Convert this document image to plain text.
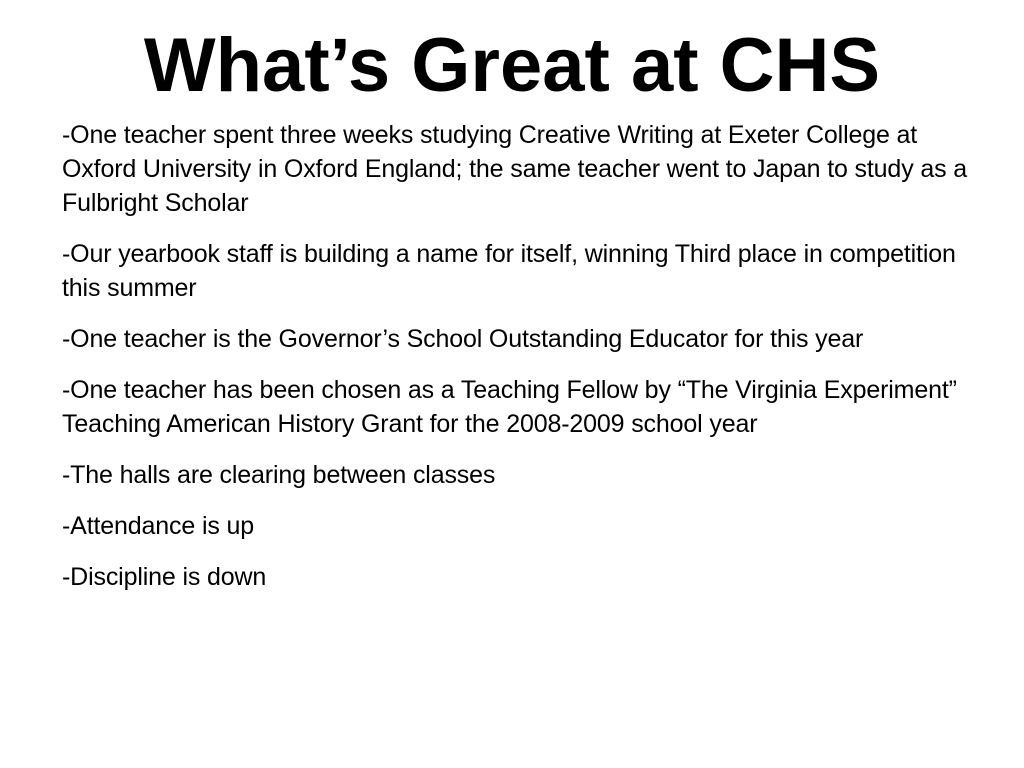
What’s Great at CHS
-One teacher spent three weeks studying Creative Writing at Exeter College at Oxford University in Oxford England; the same teacher went to Japan to study as a Fulbright Scholar
-Our yearbook staff is building a name for itself, winning Third place in competition this summer
-One teacher is the Governor’s School Outstanding Educator for this year
-One teacher has been chosen as a Teaching Fellow by “The Virginia Experiment” Teaching American History Grant for the 2008-2009 school year
-The halls are clearing between classes
-Attendance is up
-Discipline is down
